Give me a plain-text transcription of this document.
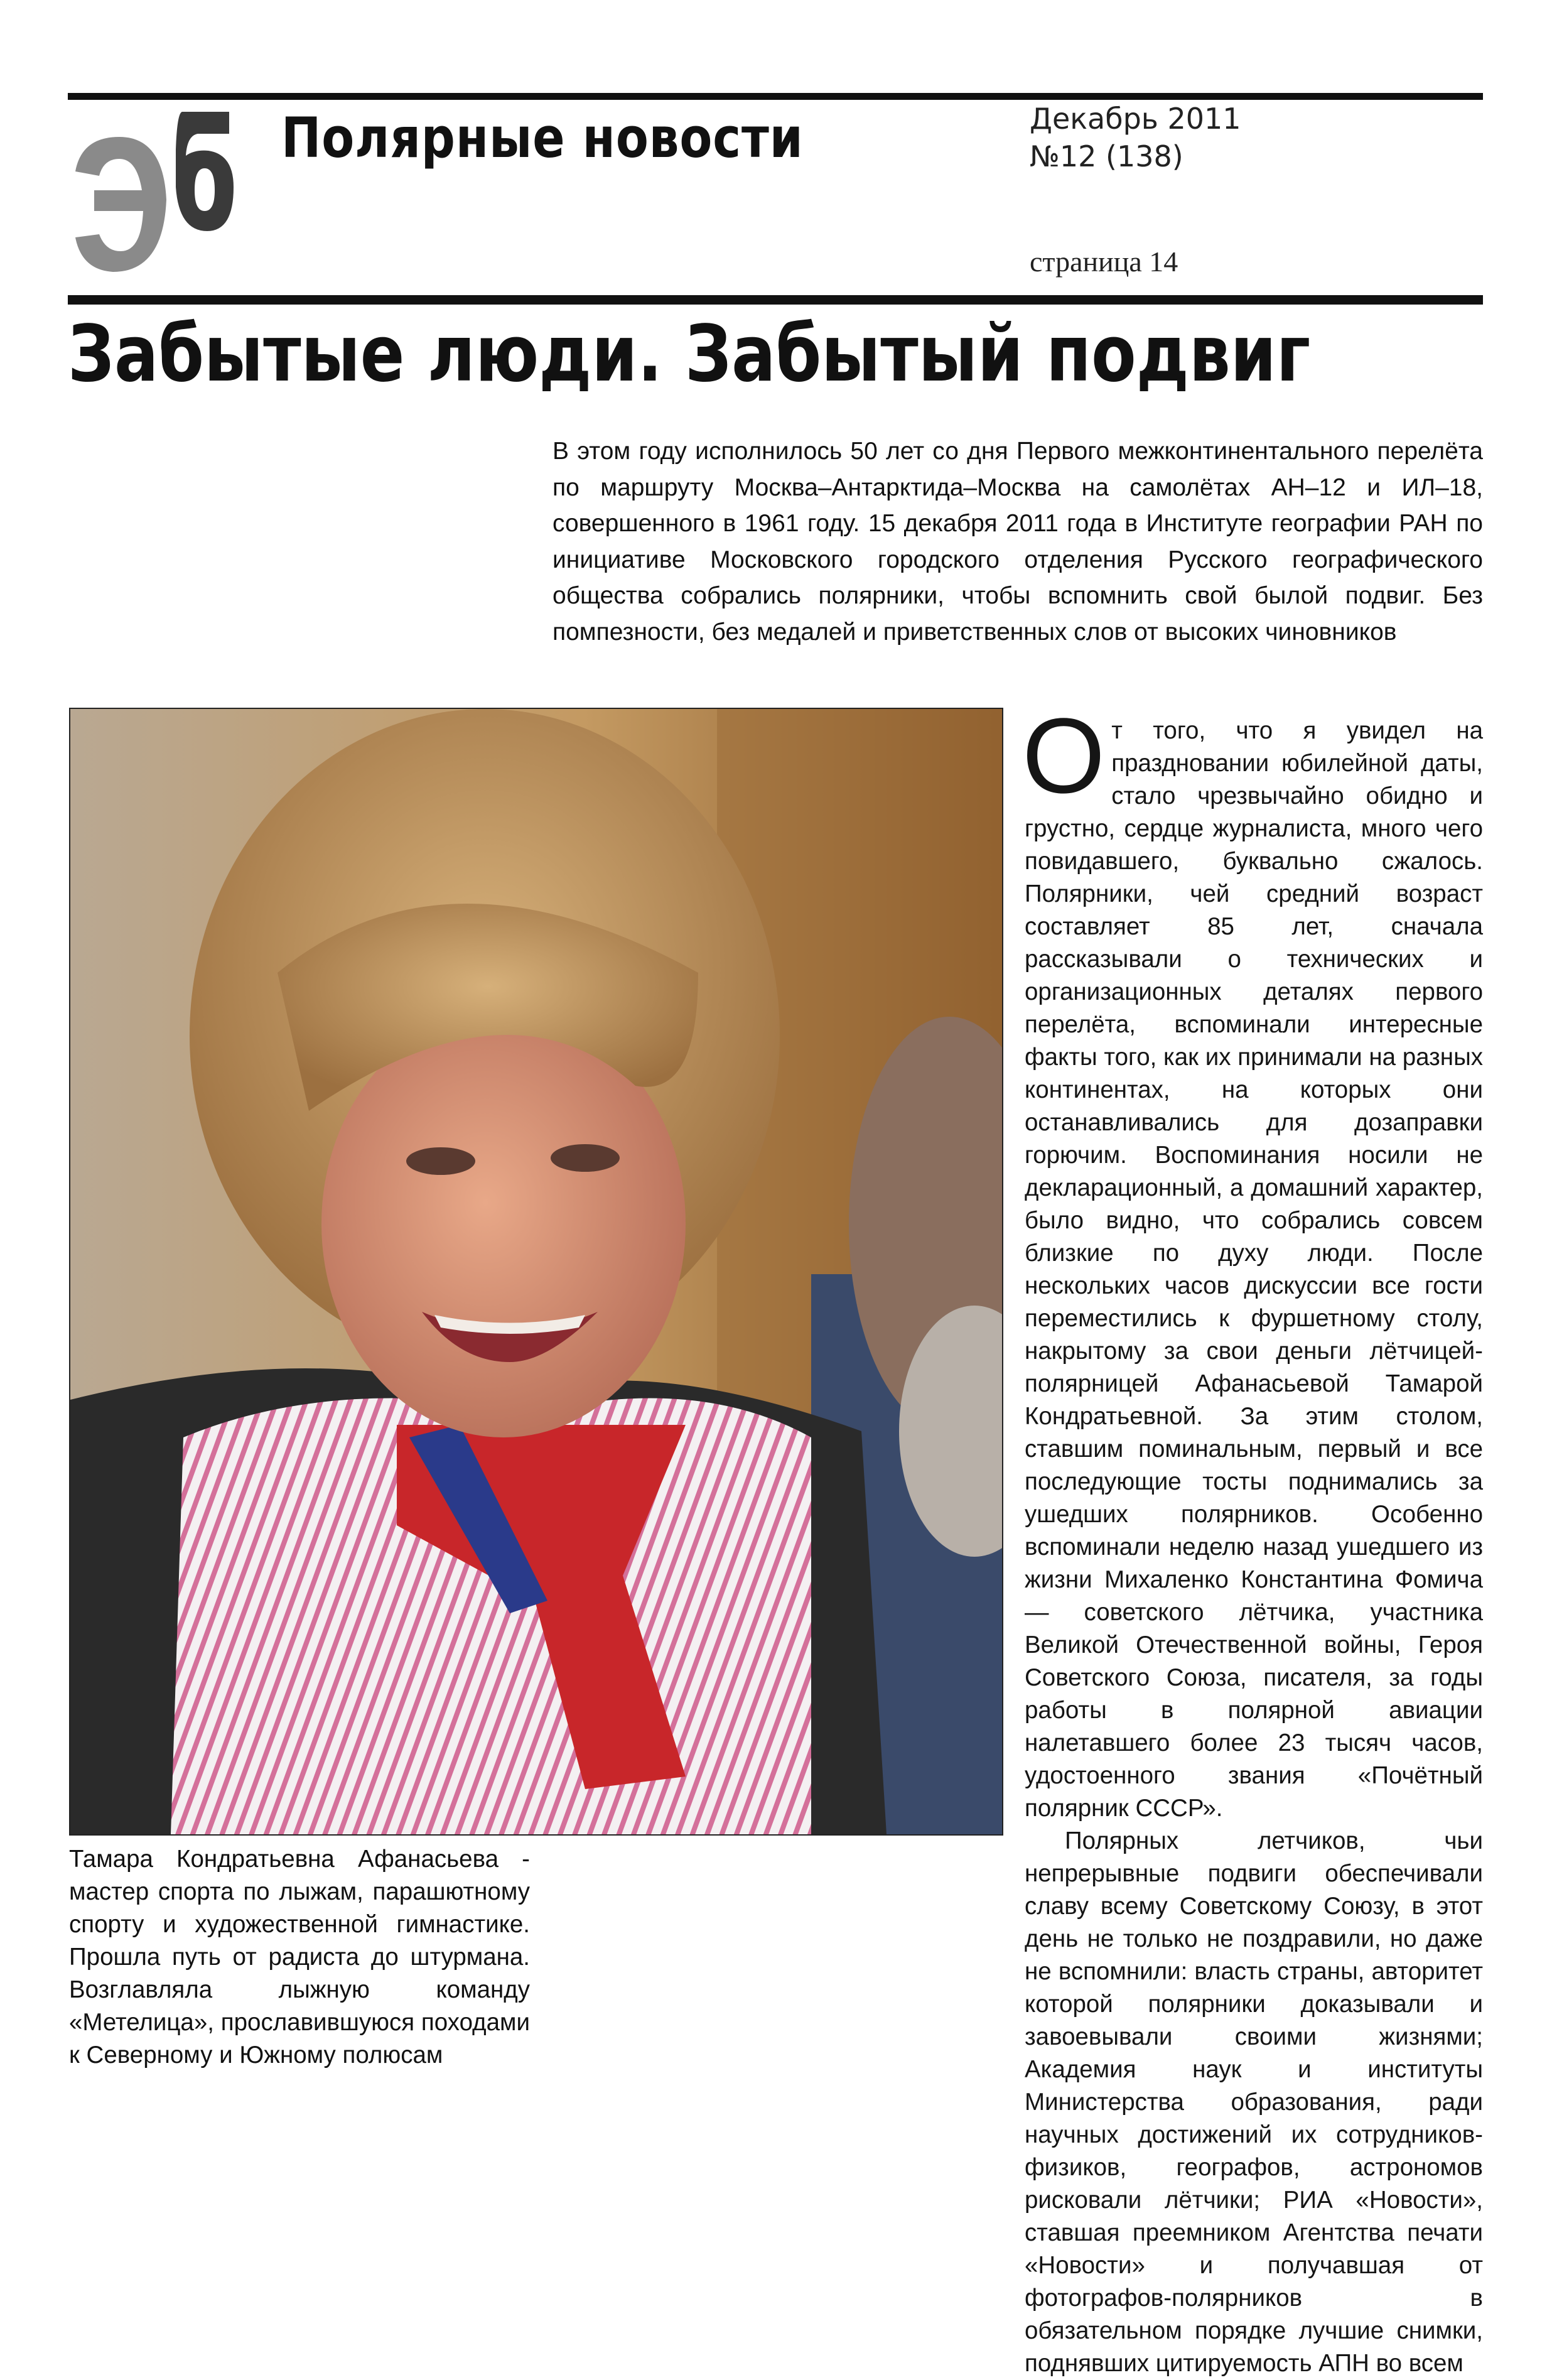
Полярные новости	Декабрь 2011
№12 (138)
страница 14
Забытые люди. Забытый подвиг
В этом году исполнилось 50 лет со дня Первого межконтинентального перелёта по маршруту Москва–Антарктида–Москва на самолётах АН–12 и ИЛ–18, совершенного в 1961 году. 15 декабря 2011 года в Институте географии РАН по инициативе Московского городского отделения Русского географического общества собрались полярники, чтобы вспомнить свой былой подвиг. Без помпезности, без медалей и приветственных слов от высоких чиновников
Тамара Кондратьевна Афанасьева - мастер спорта по лыжам, парашютному спорту и художественной гимнастике. Прошла путь от радиста до штурмана. Возглавляла лыжную команду «Метелица», прославившуюся походами к Северному и Южному полюсам

От того, что я увидел на праздновании юбилейной даты, стало чрезвычайно обидно и грустно, сердце журналиста, много чего повидавшего, буквально сжалось. Полярники, чей средний возраст составляет 85 лет, сначала рассказывали о технических и организационных деталях первого перелёта, вспоминали интересные факты того, как их принимали на разных континентах, на которых они останавливались для дозаправки горючим. Воспоминания носили не декларационный, а домашний характер, было видно, что собрались совсем близкие по духу люди. После нескольких часов дискуссии все гости переместились к фуршетному столу, накрытому за свои деньги лётчицей-полярницей Афанасьевой Тамарой Кондратьевной. За этим столом, ставшим поминальным, первый и все последующие тосты поднимались за ушедших полярников. Особенно вспоминали неделю назад ушедшего из жизни Михаленко Константина Фомича — советского лётчика, участника Великой Отечественной войны, Героя Советского Союза, писателя, за годы работы в полярной авиации налетавшего более 23 тысяч часов, удостоенного звания «Почётный полярник СССР».

Полярных летчиков, чьи непрерывные подвиги обеспечивали славу всему Советскому Союзу, в этот день не только не поздравили, но даже не вспомнили: власть страны, авторитет которой полярники доказывали и завоевывали своими жизнями; Академия наук и институты Министерства образования, ради научных достижений их сотрудников-физиков, географов, астрономов рисковали лётчики; РИА «Новости», ставшая преемником Агентства печати «Новости» и получавшая от фотографов-полярников в обязательном порядке лучшие снимки, поднявших цитируемость АПН во всем
